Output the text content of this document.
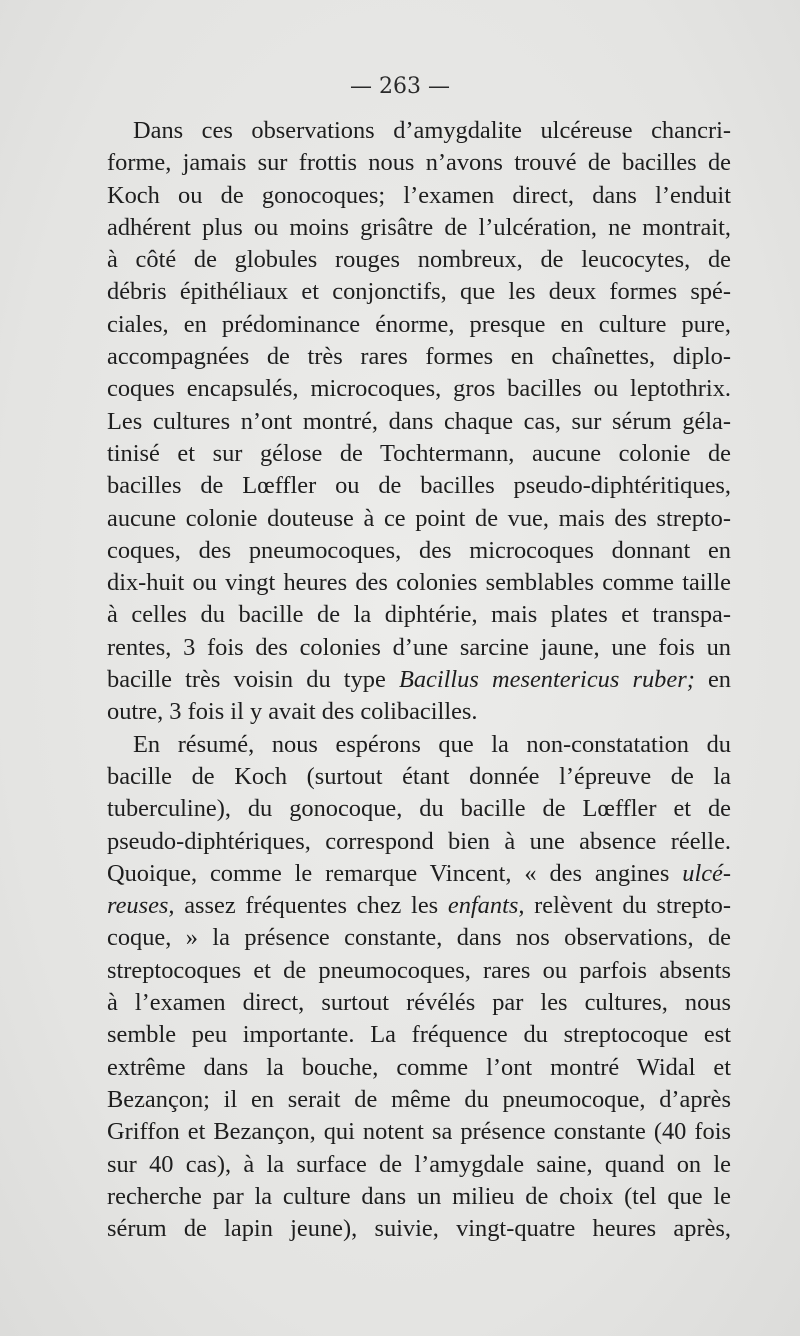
— 263 —
Dans ces observations d’amygdalite ulcéreuse chancri-
forme, jamais sur frottis nous n’avons trouvé de bacilles de
Koch ou de gonocoques; l’examen direct, dans l’enduit
adhérent plus ou moins grisâtre de l’ulcération, ne montrait,
à côté de globules rouges nombreux, de leucocytes, de
débris épithéliaux et conjonctifs, que les deux formes spé-
ciales, en prédominance énorme, presque en culture pure,
accompagnées de très rares formes en chaînettes, diplo-
coques encapsulés, microcoques, gros bacilles ou leptothrix.
Les cultures n’ont montré, dans chaque cas, sur sérum géla-
tinisé et sur gélose de Tochtermann, aucune colonie de
bacilles de Lœffler ou de bacilles pseudo-diphtéritiques,
aucune colonie douteuse à ce point de vue, mais des strepto-
coques, des pneumocoques, des microcoques donnant en
dix-huit ou vingt heures des colonies semblables comme taille
à celles du bacille de la diphtérie, mais plates et transpa-
rentes, 3 fois des colonies d’une sarcine jaune, une fois un
bacille très voisin du type Bacillus mesentericus ruber; en
outre, 3 fois il y avait des colibacilles.
En résumé, nous espérons que la non-constatation du
bacille de Koch (surtout étant donnée l’épreuve de la
tuberculine), du gonocoque, du bacille de Lœffler et de
pseudo-diphtériques, correspond bien à une absence réelle.
Quoique, comme le remarque Vincent, « des angines ulcé-
reuses, assez fréquentes chez les enfants, relèvent du strepto-
coque, » la présence constante, dans nos observations, de
streptocoques et de pneumocoques, rares ou parfois absents
à l’examen direct, surtout révélés par les cultures, nous
semble peu importante. La fréquence du streptocoque est
extrême dans la bouche, comme l’ont montré Widal et
Bezançon; il en serait de même du pneumocoque, d’après
Griffon et Bezançon, qui notent sa présence constante (40 fois
sur 40 cas), à la surface de l’amygdale saine, quand on le
recherche par la culture dans un milieu de choix (tel que le
sérum de lapin jeune), suivie, vingt-quatre heures après,
